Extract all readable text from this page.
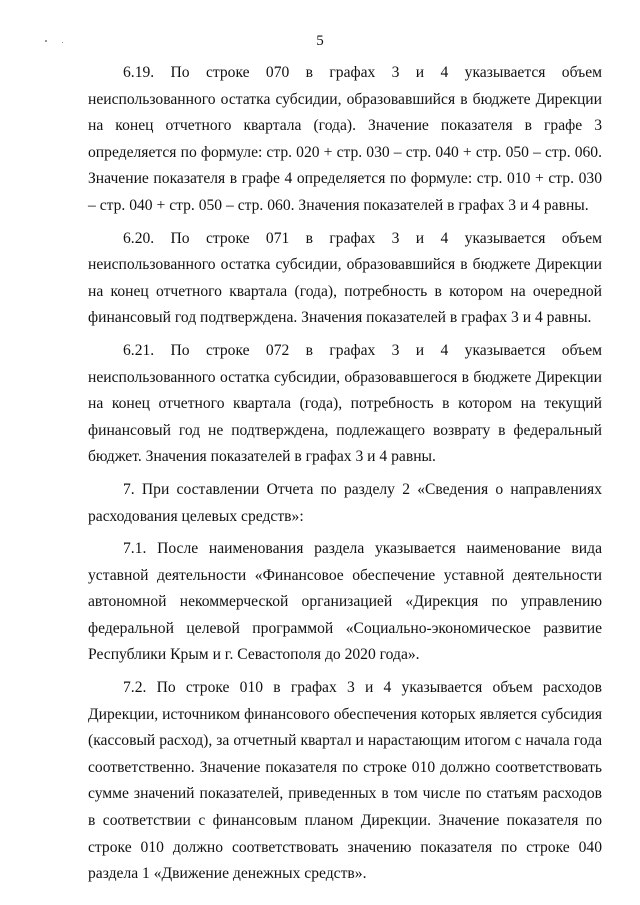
5

6.19. По строке 070 в графах 3 и 4 указывается объем неиспользованного остатка субсидии, образовавшийся в бюджете Дирекции на конец отчетного квартала (года). Значение показателя в графе 3 определяется по формуле: стр. 020 + стр. 030 – стр. 040 + стр. 050 – стр. 060. Значение показателя в графе 4 определяется по формуле: стр. 010 + стр. 030 – стр. 040 + стр. 050 – стр. 060. Значения показателей в графах 3 и 4 равны.

6.20. По строке 071 в графах 3 и 4 указывается объем неиспользованного остатка субсидии, образовавшийся в бюджете Дирекции на конец отчетного квартала (года), потребность в котором на очередной финансовый год подтверждена. Значения показателей в графах 3 и 4 равны.

6.21. По строке 072 в графах 3 и 4 указывается объем неиспользованного остатка субсидии, образовавшегося в бюджете Дирекции на конец отчетного квартала (года), потребность в котором на текущий финансовый год не подтверждена, подлежащего возврату в федеральный бюджет. Значения показателей в графах 3 и 4 равны.

7. При составлении Отчета по разделу 2 «Сведения о направлениях расходования целевых средств»:

7.1. После наименования раздела указывается наименование вида уставной деятельности «Финансовое обеспечение уставной деятельности автономной некоммерческой организацией «Дирекция по управлению федеральной целевой программой «Социально-экономическое развитие Республики Крым и г. Севастополя до 2020 года».

7.2. По строке 010 в графах 3 и 4 указывается объем расходов Дирекции, источником финансового обеспечения которых является субсидия (кассовый расход), за отчетный квартал и нарастающим итогом с начала года соответственно. Значение показателя по строке 010 должно соответствовать сумме значений показателей, приведенных в том числе по статьям расходов в соответствии с финансовым планом Дирекции. Значение показателя по строке 010 должно соответствовать значению показателя по строке 040 раздела 1 «Движение денежных средств».
